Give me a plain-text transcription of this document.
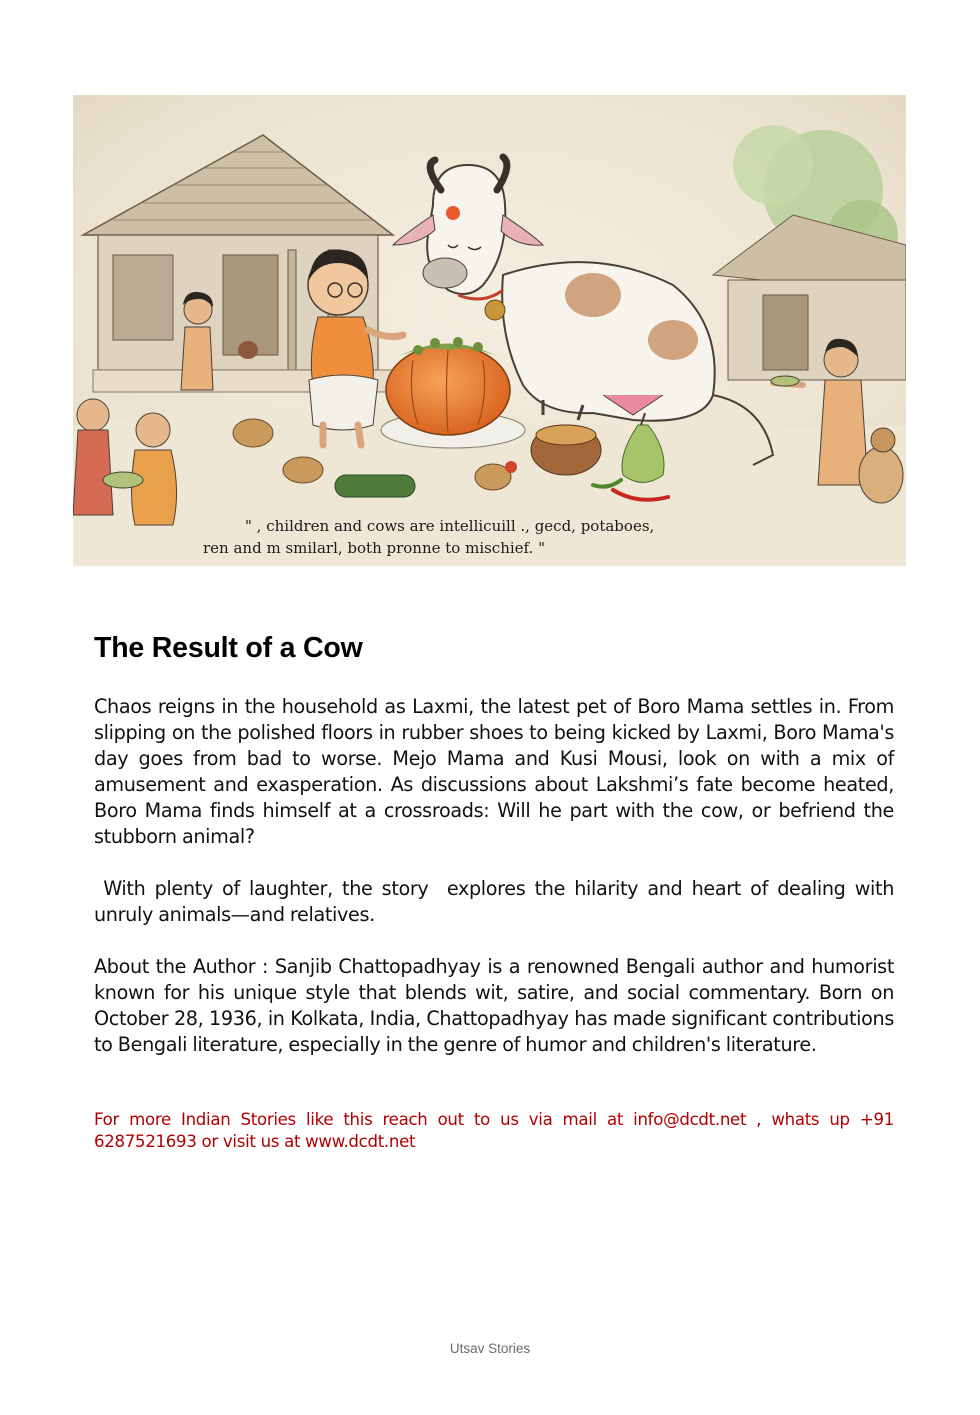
" , children and cows are intellicuill ., gecd, potaboes,
ren and m smilarl, both pronne to mischief. "
The Result of a Cow

Chaos reigns in the household as Laxmi, the latest pet of Boro Mama settles in. From slipping on the polished floors in rubber shoes to being kicked by Laxmi, Boro Mama's day goes from bad to worse. Mejo Mama and Kusi Mousi, look on with a mix of amusement and exasperation. As discussions about Lakshmi’s fate become heated, Boro Mama finds himself at a crossroads: Will he part with the cow, or befriend the stubborn animal?

With plenty of laughter, the story  explores the hilarity and heart of dealing with unruly animals—and relatives.

About the Author : Sanjib Chattopadhyay is a renowned Bengali author and humorist known for his unique style that blends wit, satire, and social commentary. Born on October 28, 1936, in Kolkata, India, Chattopadhyay has made significant contributions to Bengali literature, especially in the genre of humor and children's literature.

For more Indian Stories like this reach out to us via mail at info@dcdt.net , whats up +91 6287521693 or visit us at www.dcdt.net

Utsav Stories
